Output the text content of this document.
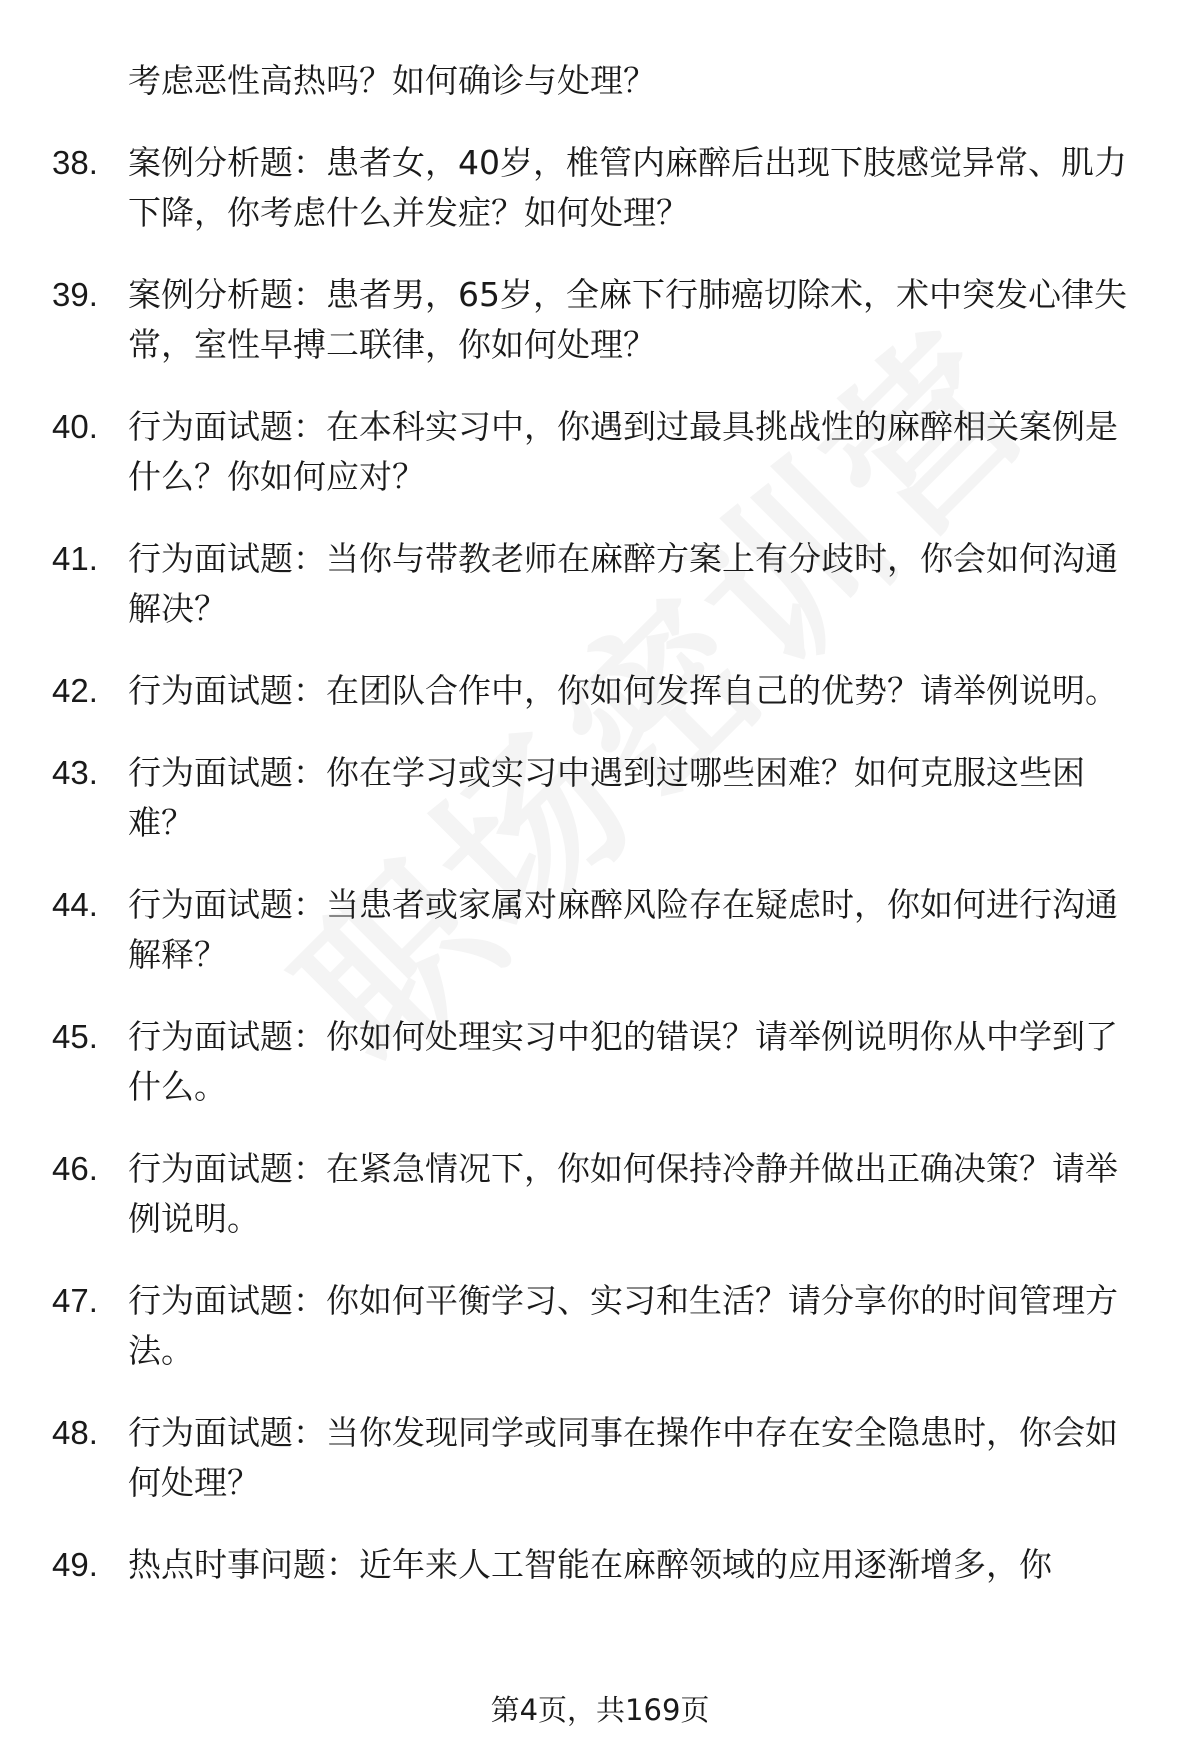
考虑恶性高热吗？如何确诊与处理？
38. 案例分析题：患者女，40岁，椎管内麻醉后出现下肢感觉异常、肌力下降，你考虑什么并发症？如何处理？
39. 案例分析题：患者男，65岁，全麻下行肺癌切除术，术中突发心律失常，室性早搏二联律，你如何处理？
40. 行为面试题：在本科实习中，你遇到过最具挑战性的麻醉相关案例是什么？你如何应对？
41. 行为面试题：当你与带教老师在麻醉方案上有分歧时，你会如何沟通解决？
42. 行为面试题：在团队合作中，你如何发挥自己的优势？请举例说明。
43. 行为面试题：你在学习或实习中遇到过哪些困难？如何克服这些困难？
44. 行为面试题：当患者或家属对麻醉风险存在疑虑时，你如何进行沟通解释？
45. 行为面试题：你如何处理实习中犯的错误？请举例说明你从中学到了什么。
46. 行为面试题：在紧急情况下，你如何保持冷静并做出正确决策？请举例说明。
47. 行为面试题：你如何平衡学习、实习和生活？请分享你的时间管理方法。
48. 行为面试题：当你发现同学或同事在操作中存在安全隐患时，你会如何处理？
49. 热点时事问题：近年来人工智能在麻醉领域的应用逐渐增多，你
第4页，共169页
